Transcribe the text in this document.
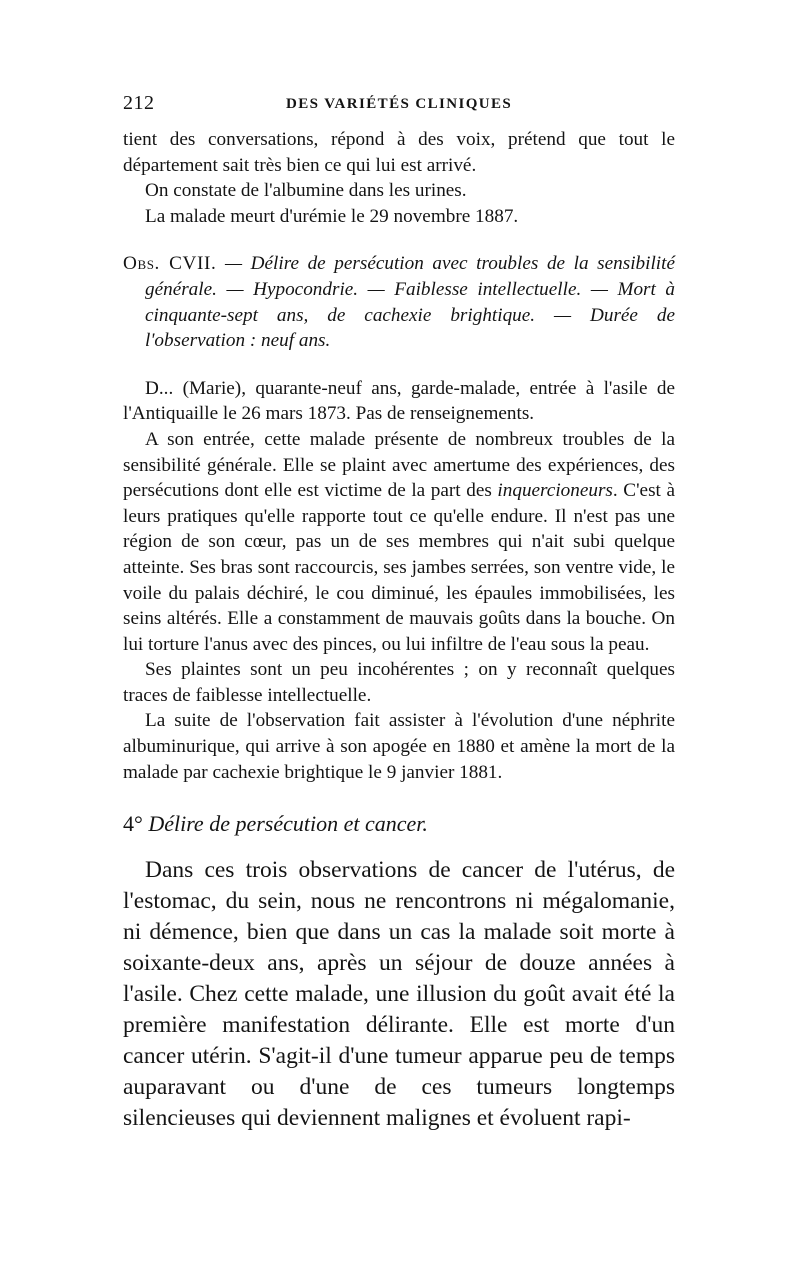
212	DES VARIÉTÉS CLINIQUES

tient des conversations, répond à des voix, prétend que tout le département sait très bien ce qui lui est arrivé.

On constate de l'albumine dans les urines.

La malade meurt d'urémie le 29 novembre 1887.

Obs. CVII. — Délire de persécution avec troubles de la sensibilité générale. — Hypocondrie. — Faiblesse intellectuelle. — Mort à cinquante-sept ans, de cachexie brightique. — Durée de l'observation : neuf ans.

D... (Marie), quarante-neuf ans, garde-malade, entrée à l'asile de l'Antiquaille le 26 mars 1873. Pas de renseignements.

A son entrée, cette malade présente de nombreux troubles de la sensibilité générale. Elle se plaint avec amertume des expériences, des persécutions dont elle est victime de la part des inquercioneurs. C'est à leurs pratiques qu'elle rapporte tout ce qu'elle endure. Il n'est pas une région de son cœur, pas un de ses membres qui n'ait subi quelque atteinte. Ses bras sont raccourcis, ses jambes serrées, son ventre vide, le voile du palais déchiré, le cou diminué, les épaules immobilisées, les seins altérés. Elle a constamment de mauvais goûts dans la bouche. On lui torture l'anus avec des pinces, ou lui infiltre de l'eau sous la peau.

Ses plaintes sont un peu incohérentes ; on y reconnaît quelques traces de faiblesse intellectuelle.

La suite de l'observation fait assister à l'évolution d'une néphrite albuminurique, qui arrive à son apogée en 1880 et amène la mort de la malade par cachexie brightique le 9 janvier 1881.

4° Délire de persécution et cancer.

Dans ces trois observations de cancer de l'utérus, de l'estomac, du sein, nous ne rencontrons ni mégalomanie, ni démence, bien que dans un cas la malade soit morte à soixante-deux ans, après un séjour de douze années à l'asile. Chez cette malade, une illusion du goût avait été la première manifestation délirante. Elle est morte d'un cancer utérin. S'agit-il d'une tumeur apparue peu de temps auparavant ou d'une de ces tumeurs longtemps silencieuses qui deviennent malignes et évoluent rapi-
